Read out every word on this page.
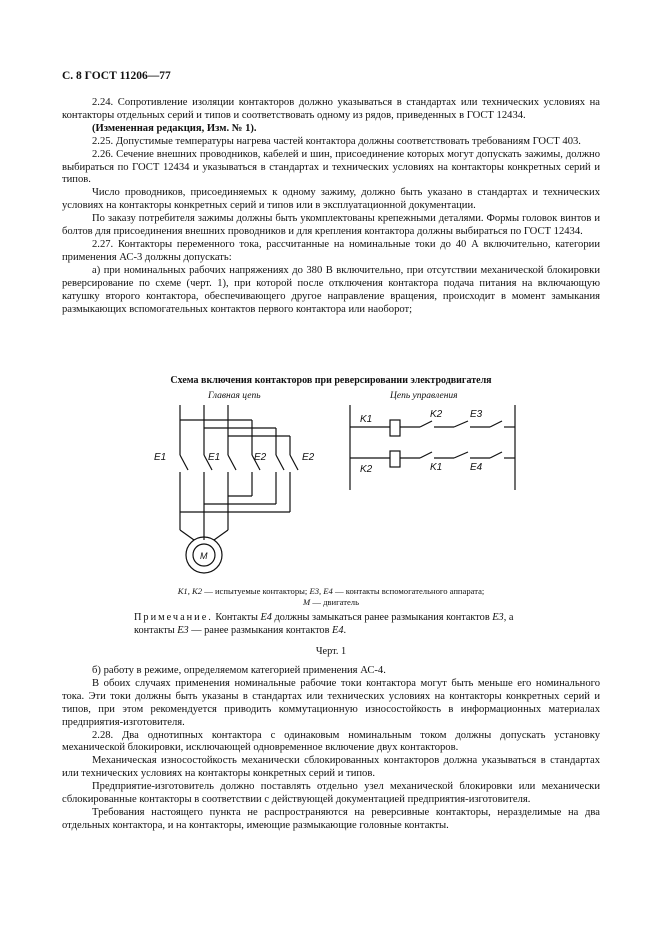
С. 8 ГОСТ 11206—77

2.24. Сопротивление изоляции контакторов должно указываться в стандартах или технических условиях на контакторы отдельных серий и типов и соответствовать одному из рядов, приведенных в ГОСТ 12434.

(Измененная редакция, Изм. № 1).

2.25. Допустимые температуры нагрева частей контактора должны соответствовать требованиям ГОСТ 403.

2.26. Сечение внешних проводников, кабелей и шин, присоединение которых могут допускать зажимы, должно выбираться по ГОСТ 12434 и указываться в стандартах и технических условиях на контакторы конкретных серий и типов.

Число проводников, присоединяемых к одному зажиму, должно быть указано в стандартах и технических условиях на контакторы конкретных серий и типов или в эксплуатационной документации.

По заказу потребителя зажимы должны быть укомплектованы крепежными деталями. Формы головок винтов и болтов для присоединения внешних проводников и для крепления контактора должны выбираться по ГОСТ 12434.

2.27. Контакторы переменного тока, рассчитанные на номинальные токи до 40 А включительно, категории применения АС-3 должны допускать:

а) при номинальных рабочих напряжениях до 380 В включительно, при отсутствии механической блокировки реверсирование по схеме (черт. 1), при которой после отключения контактора подача питания на включающую катушку второго контактора, обеспечивающего другое направление вращения, происходит в момент замыкания размыкающих вспомогательных контактов первого контактора или наоборот;

Схема включения контакторов при реверсировании электродвигателя
Главная цепь	Цепь управления
M
E1	E1	E2	E2
K1
K2
K2	E3
K1	E4
K1, K2 — испытуемые контакторы; E3, E4 — контакты вспомогательного аппарата;
M — двигатель
Примечание. Контакты E4 должны замыкаться ранее размыкания контактов E3, а контакты E3 — ранее размыкания контактов E4.
Черт. 1

б) работу в режиме, определяемом категорией применения АС-4.

В обоих случаях применения номинальные рабочие токи контактора могут быть меньше его номинального тока. Эти токи должны быть указаны в стандартах или технических условиях на контакторы конкретных серий и типов, при этом рекомендуется приводить коммутационную износостойкость в информационных материалах предприятия-изготовителя.

2.28. Два однотипных контактора с одинаковым номинальным током должны допускать установку механической блокировки, исключающей одновременное включение двух контакторов.

Механическая износостойкость механически сблокированных контакторов должна указываться в стандартах или технических условиях на контакторы конкретных серий и типов.

Предприятие-изготовитель должно поставлять отдельно узел механической блокировки или механически сблокированные контакторы в соответствии с действующей документацией предприятия-изготовителя.

Требования настоящего пункта не распространяются на реверсивные контакторы, неразделимые на два отдельных контактора, и на контакторы, имеющие размыкающие головные контакты.
